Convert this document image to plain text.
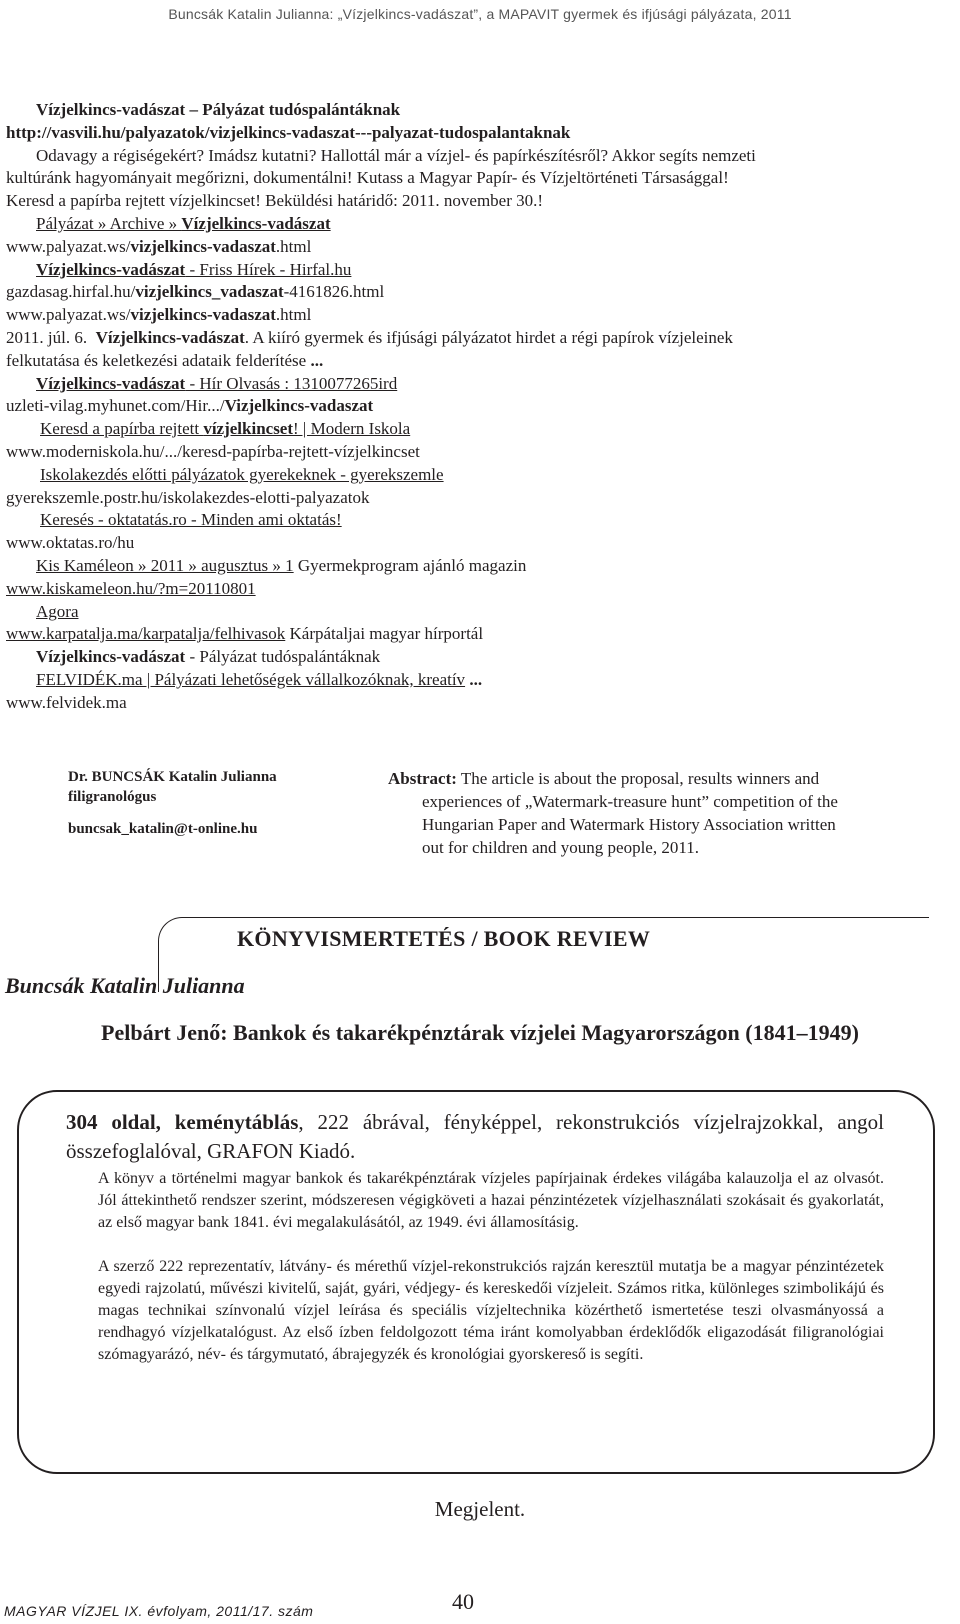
Buncsák Katalin Julianna: „Vízjelkincs-vadászat”, a MAPAVIT gyermek és ifjúsági pályázata, 2011
Vízjelkincs-vadászat – Pályázat tudóspalántáknak
http://vasvili.hu/palyazatok/vizjelkincs-vadaszat---palyazat-tudospalantaknak
Odavagy a régiségekért? Imádsz kutatni? Hallottál már a vízjel- és papírkészítésről? Akkor segíts nemzeti
kultúránk hagyományait megőrizni, dokumentálni! Kutass a Magyar Papír- és Vízjeltörténeti Társasággal!
Keresd a papírba rejtett vízjelkincset! Beküldési határidő: 2011. november 30.!
Pályázat » Archive » Vízjelkincs-vadászat
www.palyazat.ws/vizjelkincs-vadaszat.html
Vízjelkincs-vadászat - Friss Hírek - Hirfal.hu
gazdasag.hirfal.hu/vizjelkincs_vadaszat-4161826.html
www.palyazat.ws/vizjelkincs-vadaszat.html
2011. júl. 6. Vízjelkincs-vadászat. A kiíró gyermek és ifjúsági pályázatot hirdet a régi papírok vízjeleinek
felkutatása és keletkezési adataik felderítése ...
Vízjelkincs-vadászat - Hír Olvasás : 1310077265ird
uzleti-vilag.myhunet.com/Hir.../Vizjelkincs-vadaszat
Keresd a papírba rejtett vízjelkincset! | Modern Iskola
www.moderniskola.hu/.../keresd-papírba-rejtett-vízjelkincset
Iskolakezdés előtti pályázatok gyerekeknek - gyerekszemle
gyerekszemle.postr.hu/iskolakezdes-elotti-palyazatok
Keresés - oktatatás.ro - Minden ami oktatás!
www.oktatas.ro/hu
Kis Kaméleon » 2011 » augusztus » 1 Gyermekprogram ajánló magazin
www.kiskameleon.hu/?m=20110801
Agora
www.karpatalja.ma/karpatalja/felhivasok Kárpátaljai magyar hírportál
Vízjelkincs-vadászat - Pályázat tudóspalántáknak
FELVIDÉK.ma | Pályázati lehetőségek vállalkozóknak, kreatív ...
www.felvidek.ma
Dr. BUNCSÁK Katalin Julianna
filigranológus
buncsak_katalin@t-online.hu
Abstract: The article is about the proposal, results winners and
experiences of „Watermark-treasure hunt” competition of the
Hungarian Paper and Watermark History Association written
out for children and young people, 2011.
KÖNYVISMERTETÉS / BOOK REVIEW
Buncsák Katalin Julianna
Pelbárt Jenő: Bankok és takarékpénztárak vízjelei Magyarországon (1841–1949)
304 oldal, keménytáblás, 222 ábrával, fényképpel, rekonstrukciós vízjelrajzokkal, angol összefoglalóval, GRAFON Kiadó.
A könyv a történelmi magyar bankok és takarékpénztárak vízjeles papírjainak érdekes világába kalauzolja el az olvasót. Jól áttekinthető rendszer szerint, módszeresen végigköveti a hazai pénzintézetek vízjelhasználati szokásait és gyakorlatát, az első magyar bank 1841. évi megalakulásától, az 1949. évi államosításig.
A szerző 222 reprezentatív, látvány- és mérethű vízjel-rekonstrukciós rajzán keresztül mutatja be a magyar pénzintézetek egyedi rajzolatú, művészi kivitelű, saját, gyári, védjegy- és kereskedői vízjeleit. Számos ritka, különleges szimbolikájú és magas technikai színvonalú vízjel leírása és speciális vízjeltechnika közérthető ismertetése teszi olvasmányossá a rendhagyó vízjelkatalógust. Az első ízben feldolgozott téma iránt komolyabban érdeklődők eligazodását filigranológiai szómagyarázó, név- és tárgymutató, ábrajegyzék és kronológiai gyorskereső is segíti.
Megjelent.
MAGYAR VÍZJEL IX. évfolyam, 2011/17. szám	40
